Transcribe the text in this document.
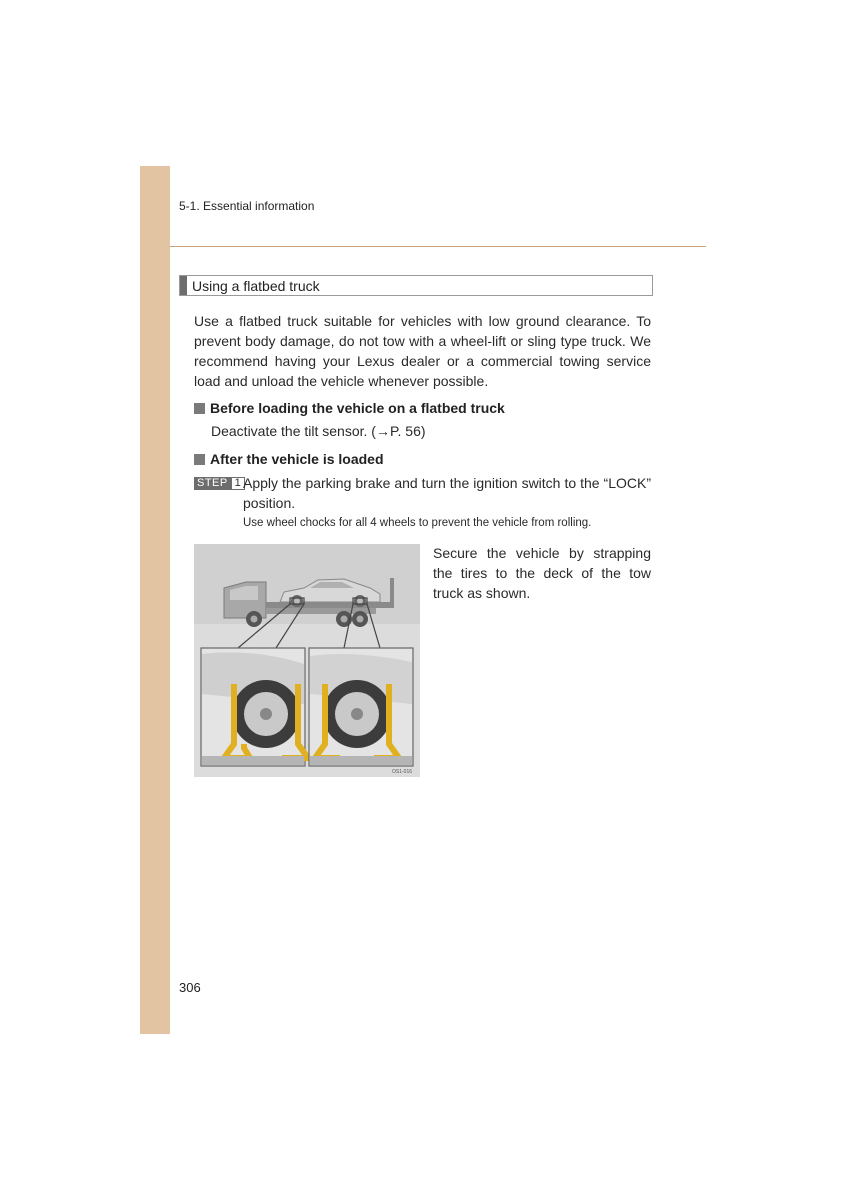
5-1. Essential information
Using a flatbed truck
Use a flatbed truck suitable for vehicles with low ground clearance. To prevent body damage, do not tow with a wheel-lift or sling type truck. We recommend having your Lexus dealer or a commercial towing service load and unload the vehicle whenever possible.
Before loading the vehicle on a flatbed truck
Deactivate the tilt sensor. (→P. 56)
After the vehicle is loaded
STEP 1 Apply the parking brake and turn the ignition switch to the “LOCK” position.
Use wheel chocks for all 4 wheels to prevent the vehicle from rolling.
Secure the vehicle by strapping the tires to the deck of the tow truck as shown.
OS1-016
306
